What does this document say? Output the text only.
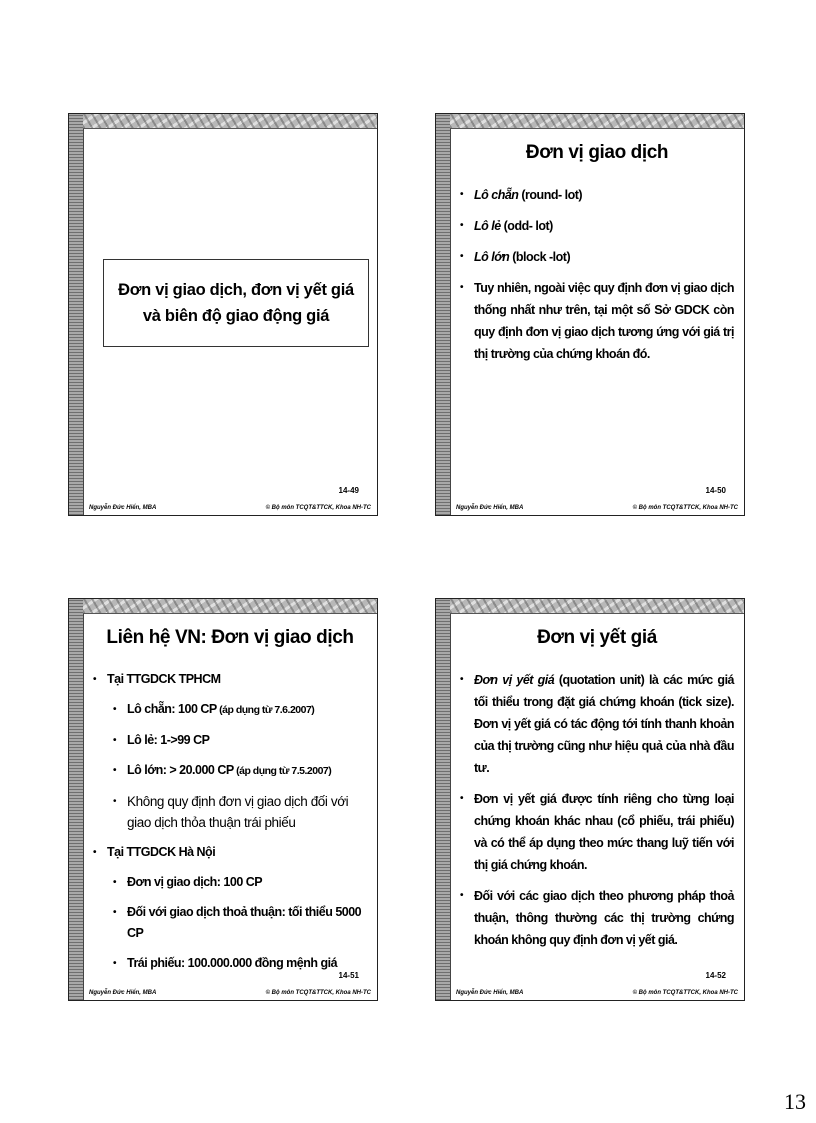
Đơn vị giao dịch, đơn vị yết giá
và biên độ giao động giá
14-49
Nguyễn Đức Hiển, MBA	© Bộ môn TCQT&TTCK, Khoa NH-TC
Đơn vị giao dịch
• Lô chẵn (round- lot)
• Lô lẻ (odd- lot)
• Lô lớn (block -lot)
• Tuy nhiên, ngoài việc quy định đơn vị giao dịch thống nhất như trên, tại một số Sở GDCK còn quy định đơn vị giao dịch tương ứng với giá trị thị trường của chứng khoán đó.
14-50
Nguyễn Đức Hiển, MBA	© Bộ môn TCQT&TTCK, Khoa NH-TC
Liên hệ VN: Đơn vị giao dịch
• Tại TTGDCK TPHCM
• Lô chẵn: 100 CP (áp dụng từ 7.6.2007)
• Lô lẻ: 1->99 CP
• Lô lớn: > 20.000 CP (áp dụng từ 7.5.2007)
• Không quy định đơn vị giao dịch đối với giao dịch thỏa thuận trái phiếu
• Tại TTGDCK Hà Nội
• Đơn vị giao dịch: 100 CP
• Đối với giao dịch thoả thuận: tối thiểu 5000 CP
• Trái phiếu: 100.000.000 đồng mệnh giá
14-51
Nguyễn Đức Hiển, MBA	© Bộ môn TCQT&TTCK, Khoa NH-TC
Đơn vị yết giá
• Đơn vị yết giá (quotation unit) là các mức giá tối thiểu trong đặt giá chứng khoán (tick size). Đơn vị yết giá có tác động tới tính thanh khoản của thị trường cũng như hiệu quả của nhà đầu tư.
• Đơn vị yết giá được tính riêng cho từng loại chứng khoán khác nhau (cổ phiếu, trái phiếu) và có thể áp dụng theo mức thang luỹ tiến với thị giá chứng khoán.
• Đối với các giao dịch theo phương pháp thoả thuận, thông thường các thị trường chứng khoán không quy định đơn vị yết giá.
14-52
Nguyễn Đức Hiển, MBA	© Bộ môn TCQT&TTCK, Khoa NH-TC
13
